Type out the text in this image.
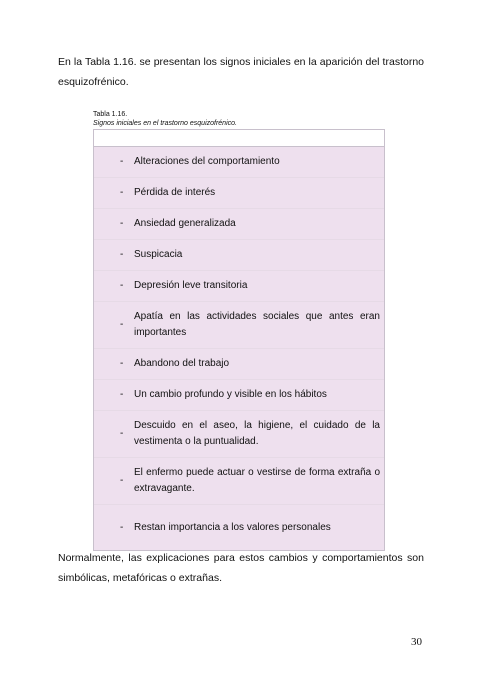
En la Tabla 1.16. se presentan los signos iniciales en la aparición del trastorno esquizofrénico.

Tabla 1.16.
Signos iniciales en el trastorno esquizofrénico.
- Alteraciones del comportamiento
- Pérdida de interés
- Ansiedad generalizada
- Suspicacia
- Depresión leve transitoria
-
Apatía en las actividades sociales que antes eran importantes
- Abandono del trabajo
- Un cambio profundo y visible en los hábitos
-
Descuido en el aseo, la higiene, el cuidado de la vestimenta o la puntualidad.
-
El enfermo puede actuar o vestirse de forma extraña o extravagante.
- Restan importancia a los valores personales

Normalmente, las explicaciones para estos cambios y comportamientos son simbólicas, metafóricas o extrañas.

30
